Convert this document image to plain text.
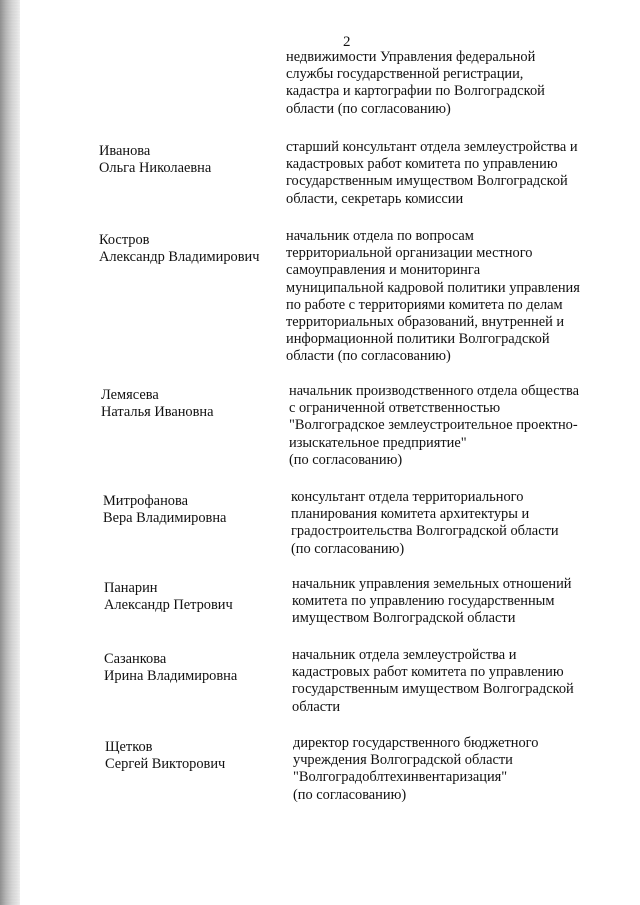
2
недвижимости Управления федеральной
службы государственной регистрации,
кадастра и картографии по Волгоградской
области (по согласованию)
Иванова
Ольга Николаевна
старший консультант отдела землеустройства и
кадастровых работ комитета по управлению
государственным имуществом Волгоградской
области, секретарь комиссии
Кострoв
Александр Владимирович
начальник отдела по вопросам
территориальной организации местного
самоуправления и мониторинга
муниципальной кадровой политики управления
по работе с территориями комитета по делам
территориальных образований, внутренней и
информационной политики Волгоградской
области (по согласованию)
Лемясева
Наталья Ивановна
начальник производственного отдела общества
с ограниченной ответственностью
"Волгоградское землеустроительное проектно-
изыскательное предприятие"
(по согласованию)
Митрофанова
Вера Владимировна
консультант отдела территориального
планирования комитета архитектуры и
градостроительства Волгоградской области
(по согласованию)
Панарин
Александр Петрович
начальник управления земельных отношений
комитета по управлению государственным
имуществом Волгоградской области
Сазанкова
Ирина Владимировна
начальник отдела землеустройства и
кадастровых работ комитета по управлению
государственным имуществом Волгоградской
области
Щетков
Сергей Викторович
директор государственного бюджетного
учреждения Волгоградской области
"Волгоградоблтехинвентаризация"
(по согласованию)
